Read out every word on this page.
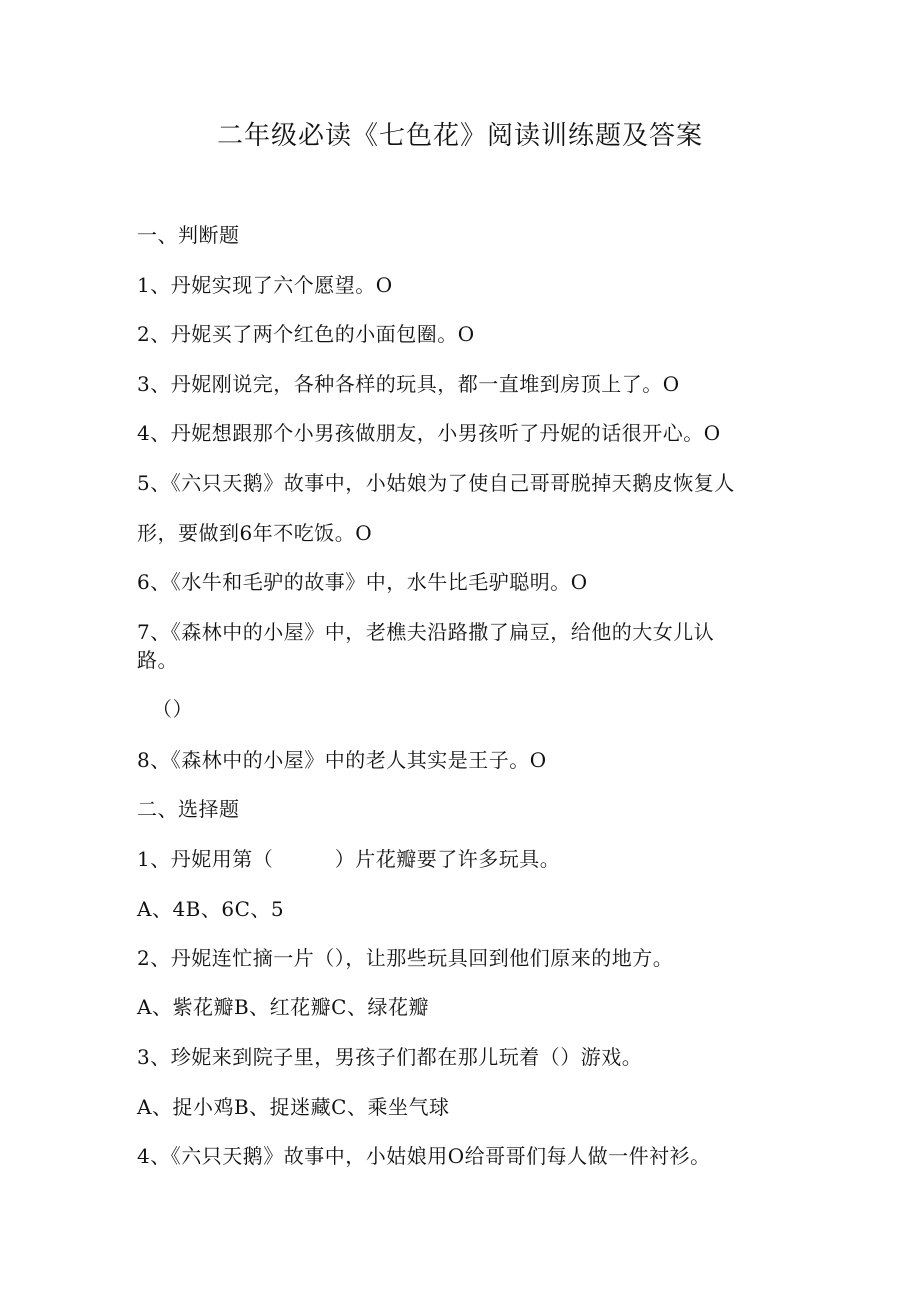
二年级必读《七色花》阅读训练题及答案
一、判断题
1、丹妮实现了六个愿望。O
2、丹妮买了两个红色的小面包圈。O
3、丹妮刚说完，各种各样的玩具，都一直堆到房顶上了。O
4、丹妮想跟那个小男孩做朋友，小男孩听了丹妮的话很开心。O
5、《六只天鹅》故事中，小姑娘为了使自己哥哥脱掉天鹅皮恢复人
形，要做到6年不吃饭。O
6、《水牛和毛驴的故事》中，水牛比毛驴聪明。O
7、《森林中的小屋》中，老樵夫沿路撒了扁豆，给他的大女儿认
路。
（）
8、《森林中的小屋》中的老人其实是王子。O
二、选择题
1、丹妮用第（　　　）片花瓣要了许多玩具。
A、4B、6C、5
2、丹妮连忙摘一片（），让那些玩具回到他们原来的地方。
A、紫花瓣B、红花瓣C、绿花瓣
3、珍妮来到院子里，男孩子们都在那儿玩着（）游戏。
A、捉小鸡B、捉迷藏C、乘坐气球
4、《六只天鹅》故事中，小姑娘用O给哥哥们每人做一件衬衫。
